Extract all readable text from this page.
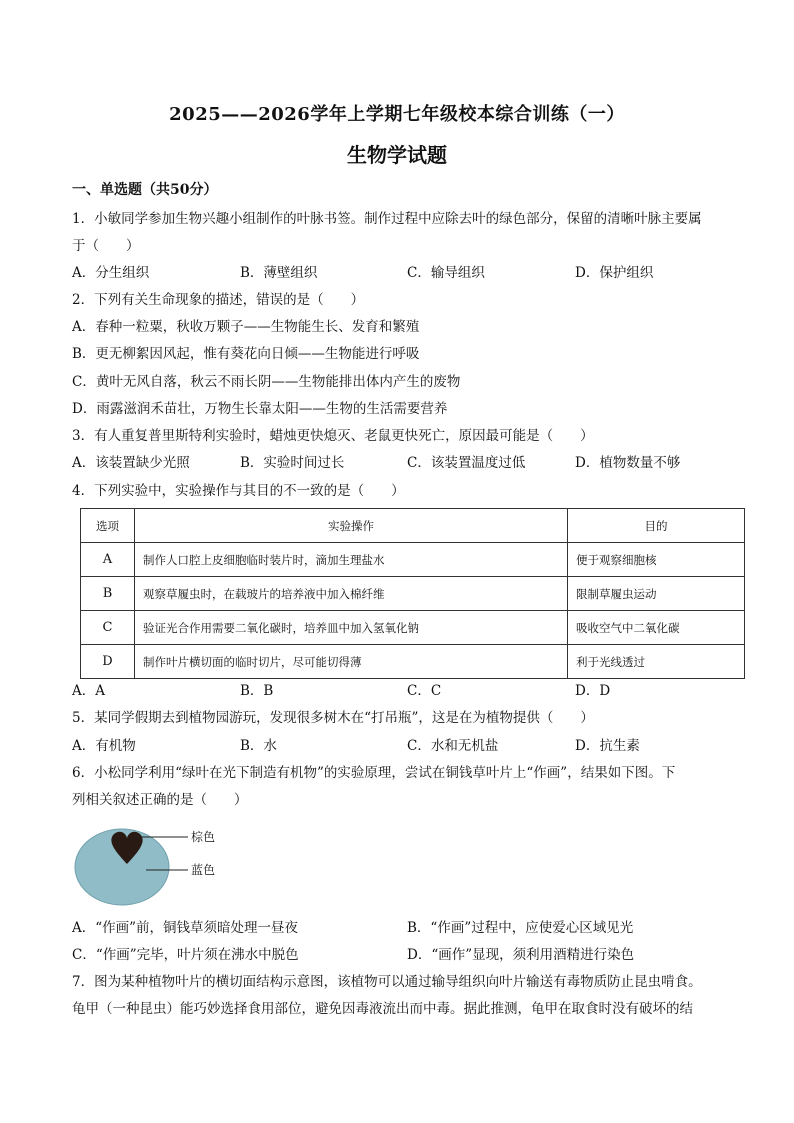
2025——2026学年上学期七年级校本综合训练（一）
生物学试题
一、单选题（共50分）
1．小敏同学参加生物兴趣小组制作的叶脉书签。制作过程中应除去叶的绿色部分，保留的清晰叶脉主要属
于（　　）
A．分生组织	B．薄壁组织	C．输导组织	D．保护组织
2．下列有关生命现象的描述，错误的是（　　）
A．春种一粒粟，秋收万颗子——生物能生长、发育和繁殖
B．更无柳絮因风起，惟有葵花向日倾——生物能进行呼吸
C．黄叶无风自落，秋云不雨长阴——生物能排出体内产生的废物
D．雨露滋润禾苗壮，万物生长靠太阳——生物的生活需要营养
3．有人重复普里斯特利实验时，蜡烛更快熄灭、老鼠更快死亡，原因最可能是（　　）
A．该装置缺少光照	B．实验时间过长	C．该装置温度过低	D．植物数量不够
4．下列实验中，实验操作与其目的不一致的是（　　）
选项	实验操作	目的
A	制作人口腔上皮细胞临时装片时，滴加生理盐水	便于观察细胞核
B	观察草履虫时，在载玻片的培养液中加入棉纤维	限制草履虫运动
C	验证光合作用需要二氧化碳时，培养皿中加入氢氧化钠	吸收空气中二氧化碳
D	制作叶片横切面的临时切片，尽可能切得薄	利于光线透过
A．A	B．B	C．C	D．D
5．某同学假期去到植物园游玩，发现很多树木在“打吊瓶”，这是在为植物提供（　　）
A．有机物	B．水	C．水和无机盐	D．抗生素
6．小松同学利用“绿叶在光下制造有机物”的实验原理，尝试在铜钱草叶片上“作画”，结果如下图。下
列相关叙述正确的是（　　）
棕色
蓝色
A．“作画”前，铜钱草须暗处理一昼夜	B．“作画”过程中，应使爱心区域见光
C．“作画”完毕，叶片须在沸水中脱色	D．“画作”显现，须利用酒精进行染色
7．图为某种植物叶片的横切面结构示意图，该植物可以通过输导组织向叶片输送有毒物质防止昆虫啃食。
龟甲（一种昆虫）能巧妙选择食用部位，避免因毒液流出而中毒。据此推测，龟甲在取食时没有破坏的结
